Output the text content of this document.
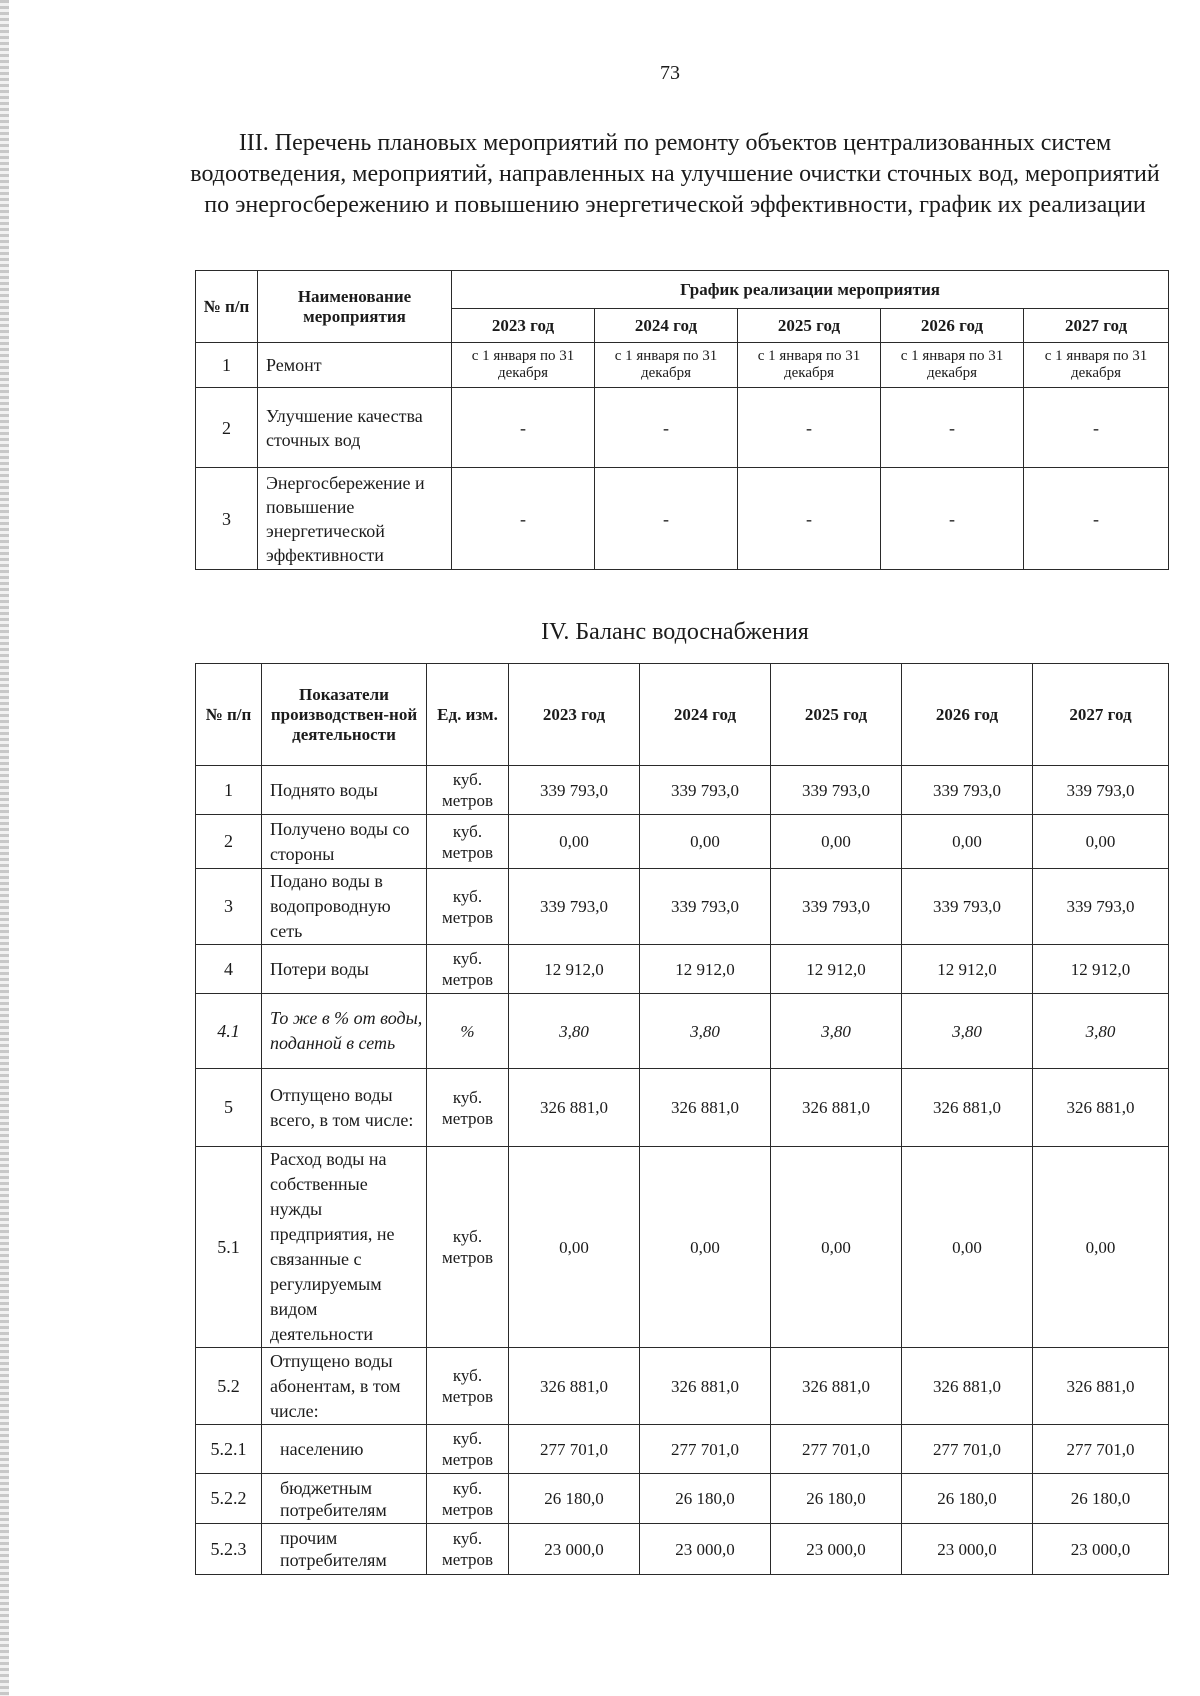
73
III. Перечень плановых мероприятий по ремонту объектов централизованных систем водоотведения, мероприятий, направленных на улучшение очистки сточных вод, мероприятий по энергосбережению и повышению энергетической эффективности, график их реализации
№ п/п	Наименование мероприятия	График реализации мероприятия				
		2023 год	2024 год	2025 год	2026 год	2027 год
1	Ремонт	с 1 января по 31 декабря	с 1 января по 31 декабря	с 1 января по 31 декабря	с 1 января по 31 декабря	с 1 января по 31 декабря
2	Улучшение качества сточных вод	-	-	-	-	-
3	Энергосбережение и повышение энергетической эффективности	-	-	-	-	-
IV. Баланс водоснабжения
№ п/п	Показатели производствен-ной деятельности	Ед. изм.	2023 год	2024 год	2025 год	2026 год	2027 год
1	Поднято воды	куб. метров	339 793,0	339 793,0	339 793,0	339 793,0	339 793,0
2	Получено воды со стороны	куб. метров	0,00	0,00	0,00	0,00	0,00
3	Подано воды в водопроводную сеть	куб. метров	339 793,0	339 793,0	339 793,0	339 793,0	339 793,0
4	Потери воды	куб. метров	12 912,0	12 912,0	12 912,0	12 912,0	12 912,0
4.1	То же в % от воды, поданной в сеть	%	3,80	3,80	3,80	3,80	3,80
5	Отпущено воды всего, в том числе:	куб. метров	326 881,0	326 881,0	326 881,0	326 881,0	326 881,0
5.1	Расход воды на собственные нужды предприятия, не связанные с регулируемым видом деятельности	куб. метров	0,00	0,00	0,00	0,00	0,00
5.2	Отпущено воды абонентам, в том числе:	куб. метров	326 881,0	326 881,0	326 881,0	326 881,0	326 881,0
5.2.1	населению	куб. метров	277 701,0	277 701,0	277 701,0	277 701,0	277 701,0
5.2.2	бюджетным потребителям	куб. метров	26 180,0	26 180,0	26 180,0	26 180,0	26 180,0
5.2.3	прочим потребителям	куб. метров	23 000,0	23 000,0	23 000,0	23 000,0	23 000,0
